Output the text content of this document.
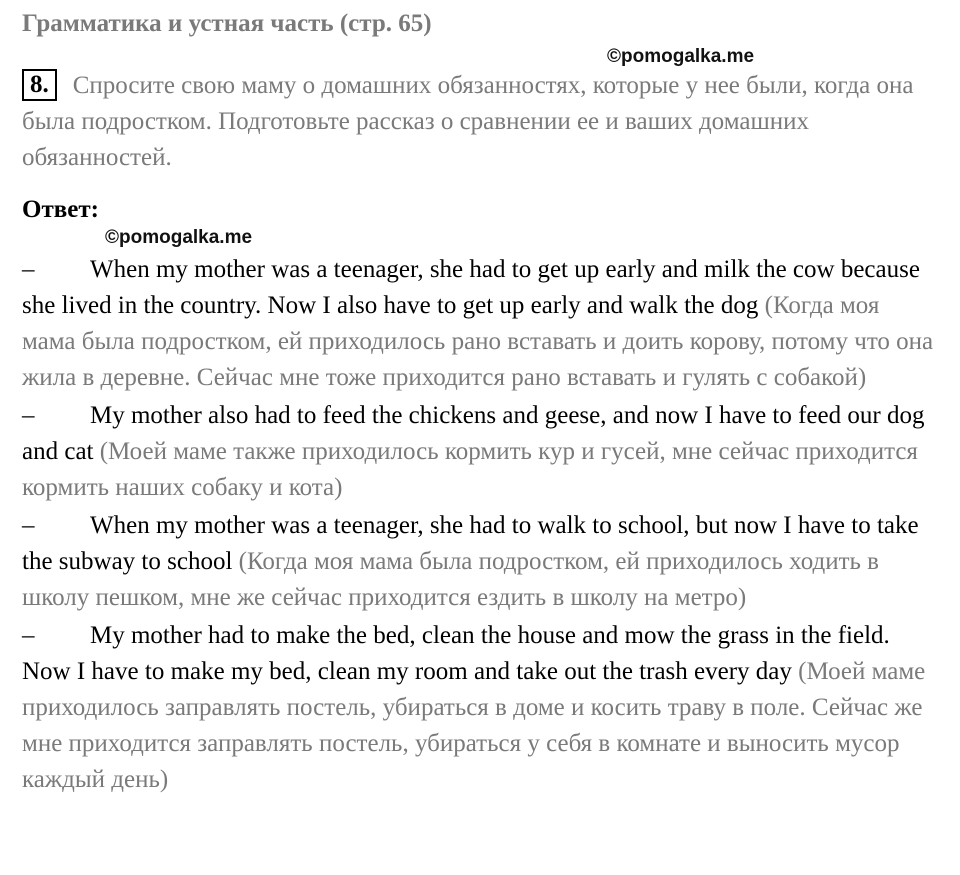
Грамматика и устная часть (стр. 65)
©pomogalka.me
8. Спросите свою маму о домашних обязанностях, которые у нее были, когда она была подростком. Подготовьте рассказ о сравнении ее и ваших домашних обязанностей.
Ответ:
©pomogalka.me
– When my mother was a teenager, she had to get up early and milk the cow because she lived in the country. Now I also have to get up early and walk the dog (Когда моя мама была подростком, ей приходилось рано вставать и доить корову, потому что она жила в деревне. Сейчас мне тоже приходится рано вставать и гулять с собакой)
– My mother also had to feed the chickens and geese, and now I have to feed our dog and cat (Моей маме также приходилось кормить кур и гусей, мне сейчас приходится кормить наших собаку и кота)
– When my mother was a teenager, she had to walk to school, but now I have to take the subway to school (Когда моя мама была подростком, ей приходилось ходить в школу пешком, мне же сейчас приходится ездить в школу на метро)
– My mother had to make the bed, clean the house and mow the grass in the field. Now I have to make my bed, clean my room and take out the trash every day (Моей маме приходилось заправлять постель, убираться в доме и косить траву в поле. Сейчас же мне приходится заправлять постель, убираться у себя в комнате и выносить мусор каждый день)
